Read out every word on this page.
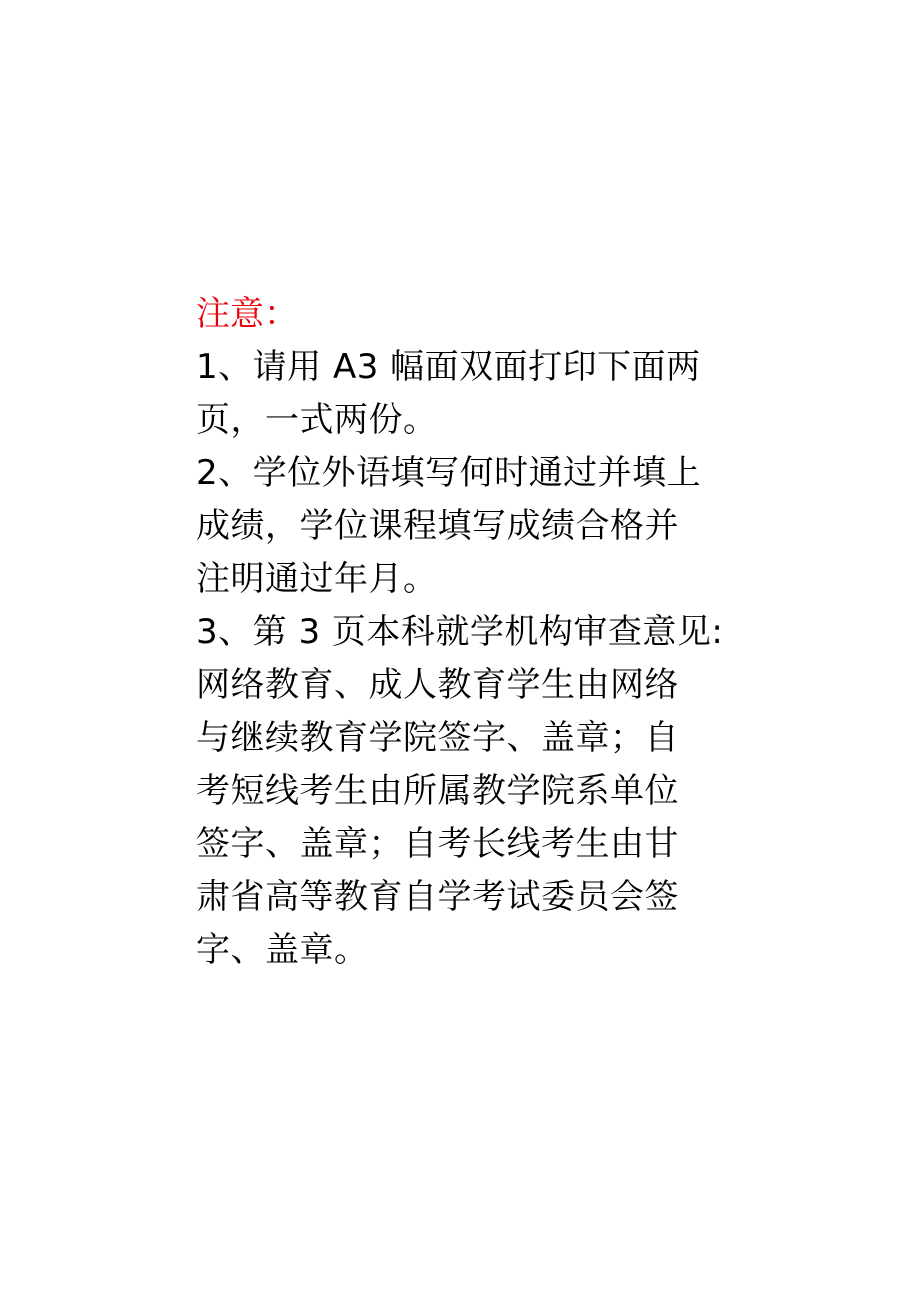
注意：

1、请用 A3 幅面双面打印下面两
页，一式两份。

2、学位外语填写何时通过并填上
成绩，学位课程填写成绩合格并
注明通过年月。

3、第 3 页本科就学机构审查意见:
网络教育、成人教育学生由网络
与继续教育学院签字、盖章；自
考短线考生由所属教学院系单位
签字、盖章；自考长线考生由甘
肃省高等教育自学考试委员会签
字、盖章。
